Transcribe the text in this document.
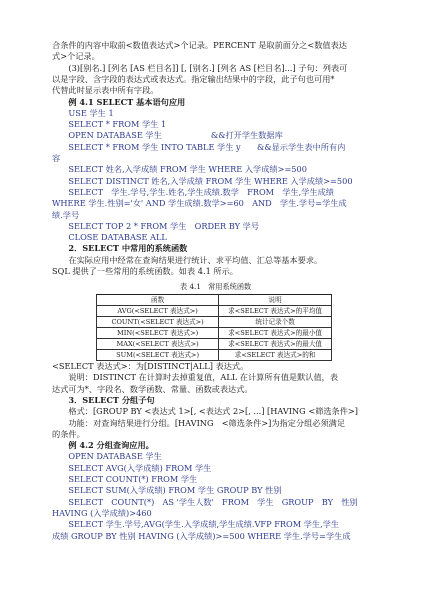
合条件的内容中取前<数值表达式>个记录。PERCENT 是取前面分之<数值表达
式>个记录。
　　(3)[别名.] [列名 [AS 栏目名]] [, [别名.] [列名 AS [栏目名]...] 子句：列表可
以是字段、含字段的表达式或表达式。指定输出结果中的字段，此子句也可用*
代替此时显示表中所有字段。
　　例 4.1 SELECT 基本语句应用
　　USE 学生 1
　　SELECT * FROM 学生 1
　　OPEN DATABASE 学生　　　　　　&&打开学生数据库
　　SELECT * FROM 学生 INTO TABLE 学生 y　　&&显示学生表中所有内
容
　　SELECT 姓名,入学成绩 FROM 学生 WHERE 入学成绩>=500
　　SELECT DISTINCT 姓名,入学成绩 FROM 学生 WHERE 入学成绩>=500
　　SELECT　学生.学号,学生.姓名,学生成绩.数学　FROM　学生,学生成绩
WHERE 学生.性别='女' AND 学生成绩.数学>=60　AND　学生.学号=学生成
绩.学号
　　SELECT TOP 2 * FROM 学生　ORDER BY 学号
　　CLOSE DATABASE ALL
　　2．SELECT 中常用的系统函数
　　在实际应用中经常在查询结果进行统计、求平均值、汇总等基本要求。
SQL 提供了一些常用的系统函数。如表 4.1 所示。
表 4.1　常用系统函数
函数	说明
AVG(<SELECT 表达式>)	求<SELECT 表达式>的平均值
COUNT(<SELECT 表达式>)	统计记录个数
MIN(<SELECT 表达式>)	求<SELECT 表达式>的最小值
MAX(<SELECT 表达式>)	求<SELECT 表达式>的最大值
SUM(<SELECT 表达式>)	求<SELECT 表达式>的和
<SELECT 表达式>：为[DISTINCT|ALL] 表达式。
　　说明：DISTINCT 在计算时去掉重复值，ALL 在计算所有值是默认值，表
达式可为*、字段名、数学函数、常量、函数或表达式。
　　3．SELECT 分组子句
　　格式：[GROUP BY <表达式 1>[, <表达式 2>[, ...] [HAVING <筛选条件>]
　　功能：对查询结果进行分组。[HAVING　<筛选条件>]为指定分组必须满足
的条件。
　　例 4.2 分组查询应用。
　　OPEN DATABASE 学生
　　SELECT AVG(入学成绩) FROM 学生
　　SELECT COUNT(*) FROM 学生
　　SELECT SUM(入学成绩) FROM 学生 GROUP BY 性别
　　SELECT　COUNT(*)　AS '学生人数'　FROM　学生　GROUP　BY　性别
HAVING (入学成绩)>460
　　SELECT 学生.学号,AVG(学生.入学成绩,学生成绩.VFP FROM 学生,学生
成绩 GROUP BY 性别 HAVING (入学成绩)>=500 WHERE 学生.学号=学生成
